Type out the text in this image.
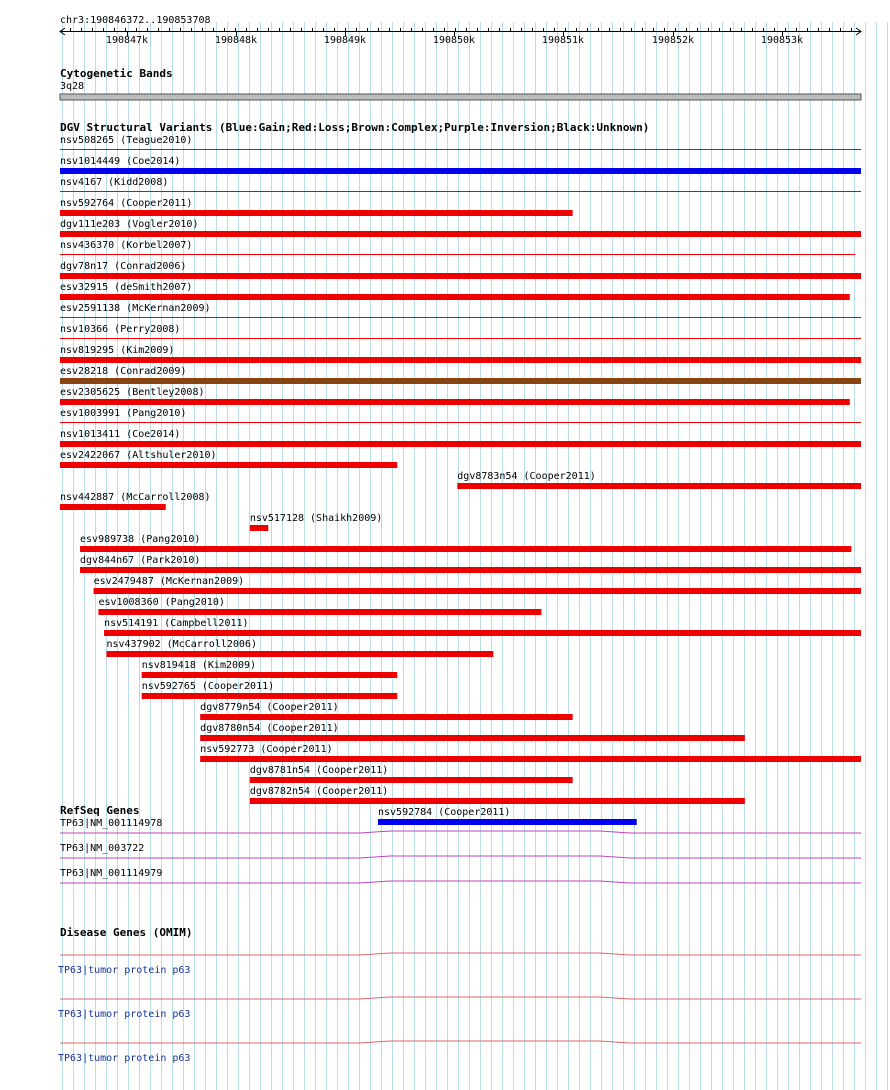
chr3:190846372..190853708
Cytogenetic Bands
3q28
DGV Structural Variants (Blue:Gain;Red:Loss;Brown:Complex;Purple:Inversion;Black:Unknown)
RefSeq Genes
Disease Genes (OMIM)
190847k	190848k	190849k	190850k	190851k	190852k	190853k
nsv508265 (Teague2010)
nsv1014449 (Coe2014)
nsv4167 (Kidd2008)
nsv592764 (Cooper2011)
dgv111e203 (Vogler2010)
nsv436370 (Korbel2007)
dgv78n17 (Conrad2006)
esv32915 (deSmith2007)
esv2591138 (McKernan2009)
nsv10366 (Perry2008)
nsv819295 (Kim2009)
esv28218 (Conrad2009)
esv2305625 (Bentley2008)
esv1003991 (Pang2010)
nsv1013411 (Coe2014)
esv2422067 (Altshuler2010)
dgv8783n54 (Cooper2011)
nsv442887 (McCarroll2008)
nsv517128 (Shaikh2009)
esv989738 (Pang2010)
dgv844n67 (Park2010)
esv2479487 (McKernan2009)
esv1008360 (Pang2010)
nsv514191 (Campbell2011)
nsv437902 (McCarroll2006)
nsv819418 (Kim2009)
nsv592765 (Cooper2011)
dgv8779n54 (Cooper2011)
dgv8780n54 (Cooper2011)
nsv592773 (Cooper2011)
dgv8781n54 (Cooper2011)
dgv8782n54 (Cooper2011)
nsv592784 (Cooper2011)
TP63|NM_001114978
TP63|NM_003722
TP63|NM_001114979
TP63|tumor protein p63
TP63|tumor protein p63
TP63|tumor protein p63
